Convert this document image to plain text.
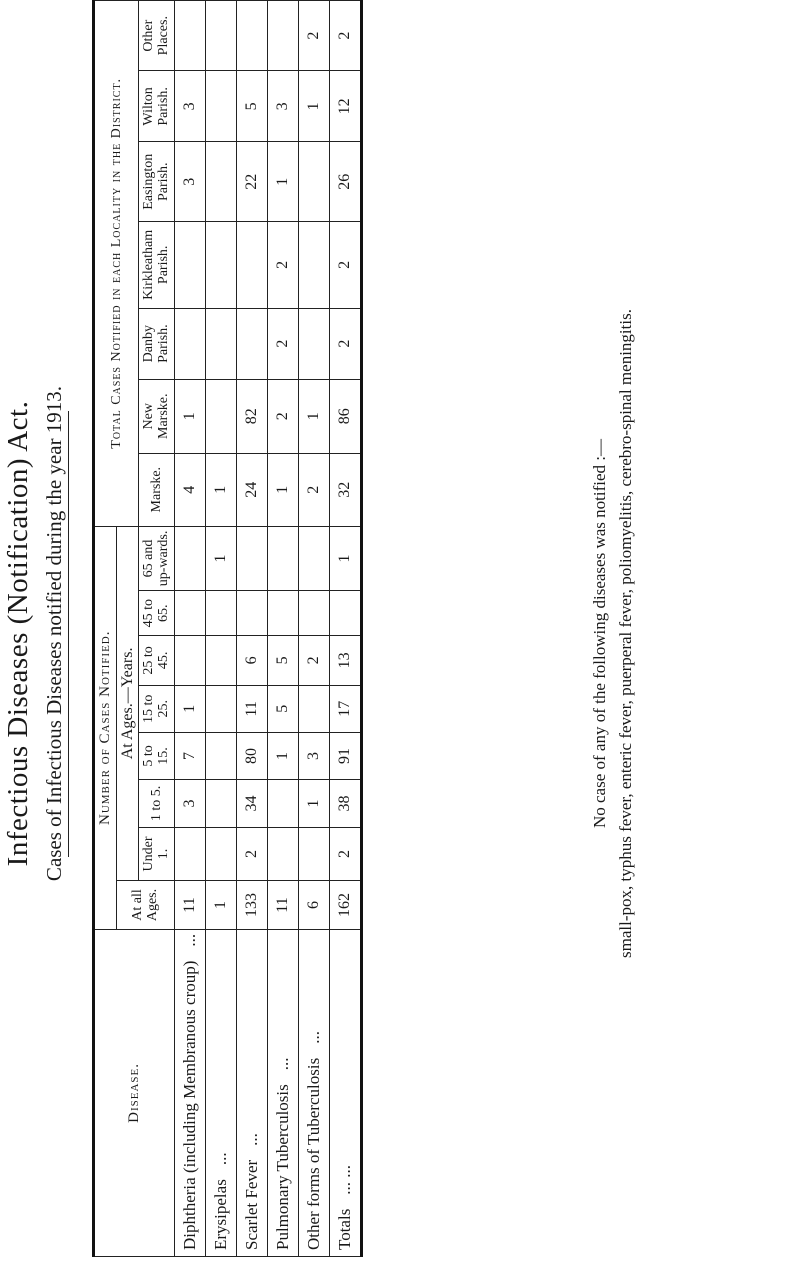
Infectious Diseases (Notification) Act. Cases of Infectious Diseases notified during the year 1913.
Disease.	Number of Cases Notified.								Total Cases Notified in each Locality in the District.						
	At all Ages.	At Ages.—Years.													
		Under 1.	1 to 5.	5 to 15.	15 to 25.	25 to 45.	45 to 65.	65 and up-wards.	Marske.	New Marske.	Danby Parish.	Kirkleatham Parish.	Easington Parish.	Wilton Parish.	Other Places.
Diphtheria (including Membranous croup)...	11		3	7	1				4	1			3	3	
Erysipelas...	1							1	1						
Scarlet Fever...	133	2	34	80	11	6			24	82			22	5	
Pulmonary Tuberculosis...	11			1	5	5			1	2	2	2	1	3	
Other forms of Tuberculosis...	6		1	3		2			2	1				1	2
Totals... ...	162	2	38	91	17	13		1	32	86	2	2	26	12	2
No case of any of the following diseases was notified :— small-pox, typhus fever, enteric fever, puerperal fever, poliomyelitis, cerebro-spinal meningitis.
